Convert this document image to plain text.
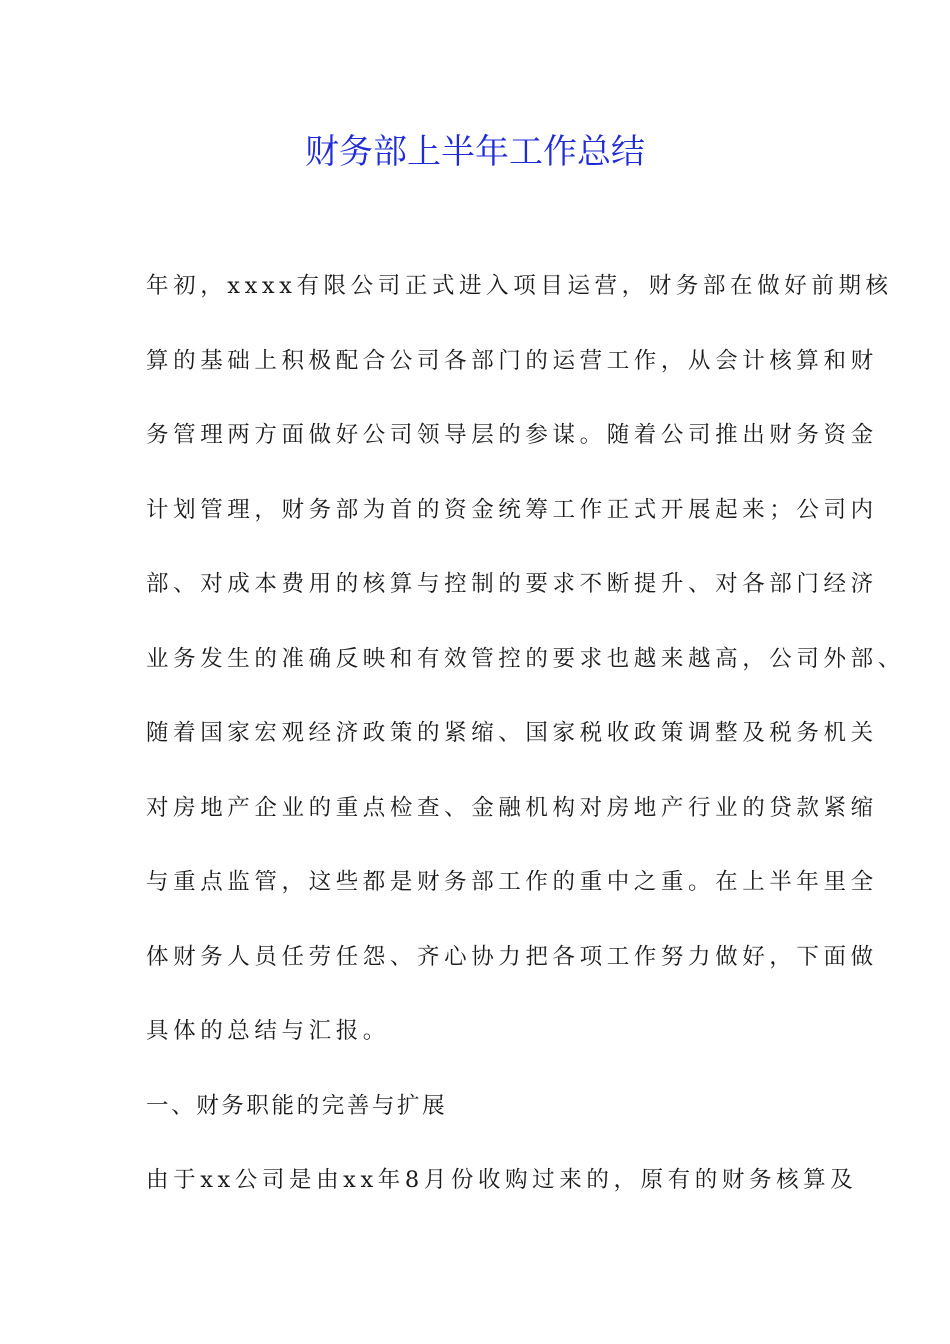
财务部上半年工作总结
年初，xxxx有限公司正式进入项目运营，财务部在做好前期核
算的基础上积极配合公司各部门的运营工作，从会计核算和财
务管理两方面做好公司领导层的参谋。随着公司推出财务资金
计划管理，财务部为首的资金统筹工作正式开展起来；公司内
部、对成本费用的核算与控制的要求不断提升、对各部门经济
业务发生的准确反映和有效管控的要求也越来越高，公司外部、
随着国家宏观经济政策的紧缩、国家税收政策调整及税务机关
对房地产企业的重点检查、金融机构对房地产行业的贷款紧缩
与重点监管，这些都是财务部工作的重中之重。在上半年里全
体财务人员任劳任怨、齐心协力把各项工作努力做好，下面做
具体的总结与汇报。
一、财务职能的完善与扩展
由于xx公司是由xx年8月份收购过来的，原有的财务核算及
